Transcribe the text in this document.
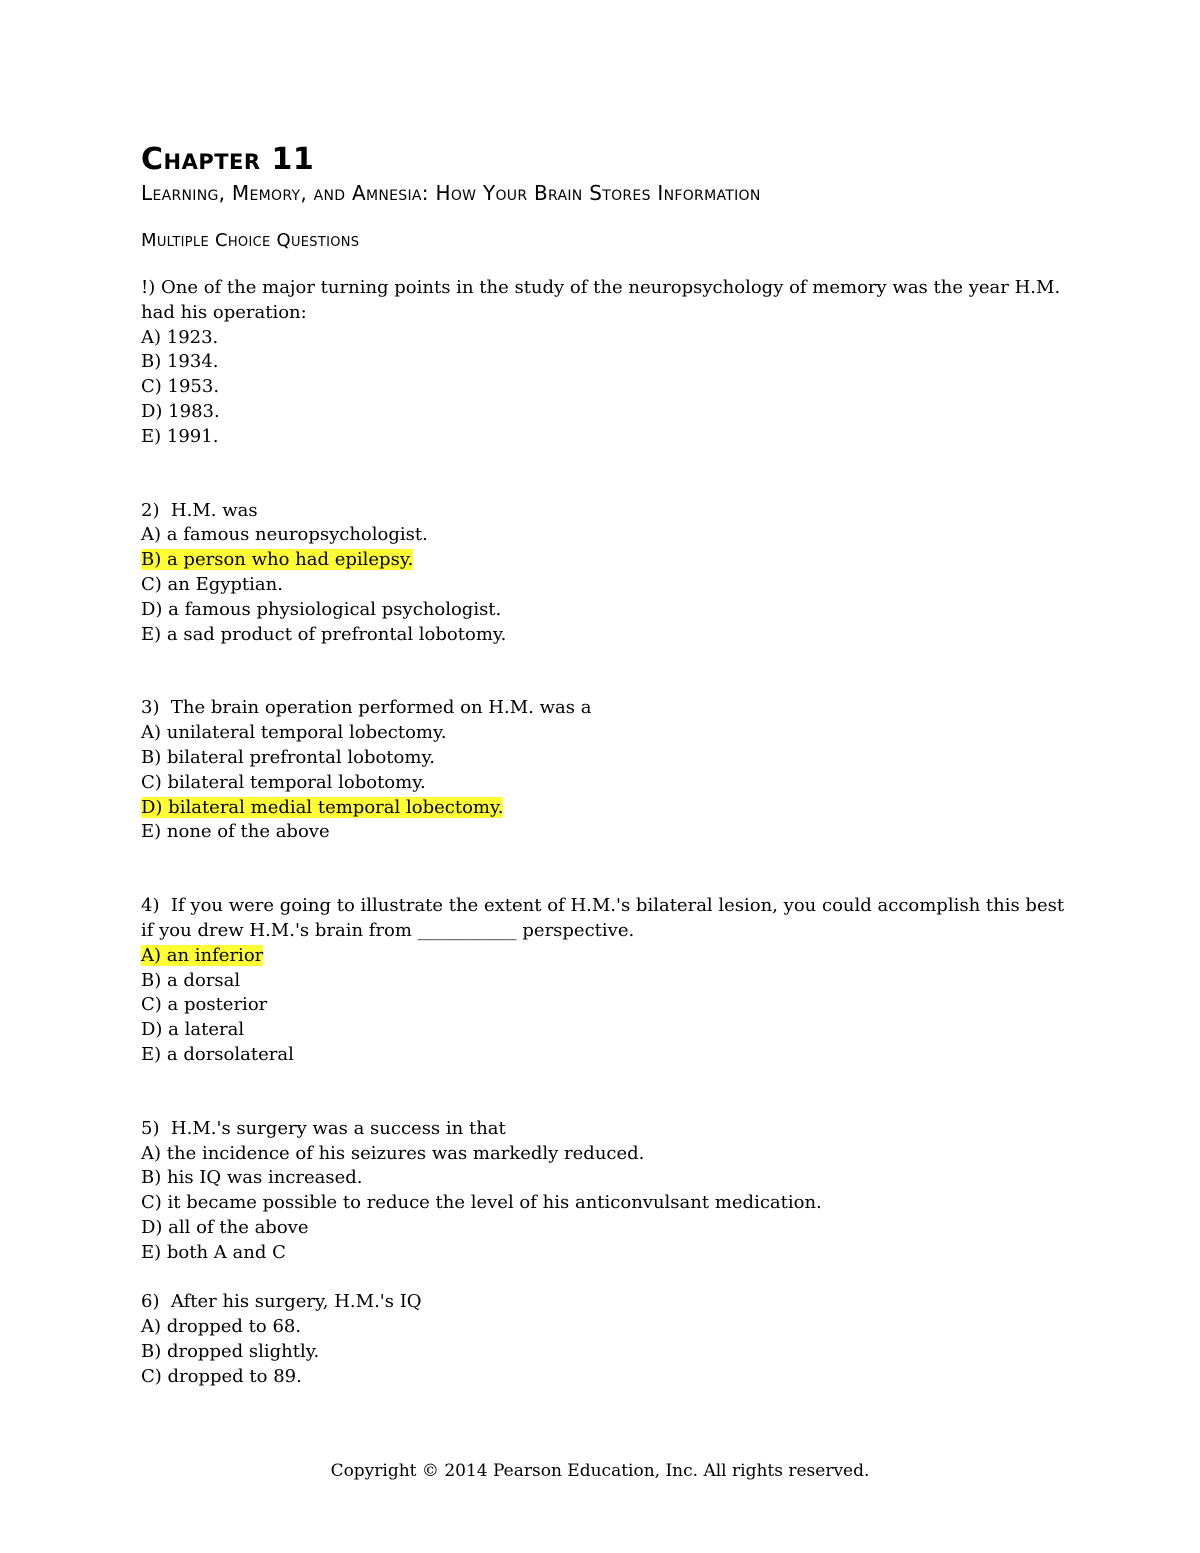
Chapter 11
Learning, Memory, and Amnesia: How Your Brain Stores Information
Multiple Choice Questions
!) One of the major turning points in the study of the neuropsychology of memory was the year H.M. had his operation:
A) 1923.
B) 1934.
C) 1953.
D) 1983.
E) 1991.
2)  H.M. was
A) a famous neuropsychologist.
B) a person who had epilepsy.
C) an Egyptian.
D) a famous physiological psychologist.
E) a sad product of prefrontal lobotomy.
3)  The brain operation performed on H.M. was a
A) unilateral temporal lobectomy.
B) bilateral prefrontal lobotomy.
C) bilateral temporal lobotomy.
D) bilateral medial temporal lobectomy.
E) none of the above
4)  If you were going to illustrate the extent of H.M.'s bilateral lesion, you could accomplish this best if you drew H.M.'s brain from ___________ perspective.
A) an inferior
B) a dorsal
C) a posterior
D) a lateral
E) a dorsolateral
5)  H.M.'s surgery was a success in that
A) the incidence of his seizures was markedly reduced.
B) his IQ was increased.
C) it became possible to reduce the level of his anticonvulsant medication.
D) all of the above
E) both A and C
6)  After his surgery, H.M.'s IQ
A) dropped to 68.
B) dropped slightly.
C) dropped to 89.
Copyright © 2014 Pearson Education, Inc. All rights reserved.
